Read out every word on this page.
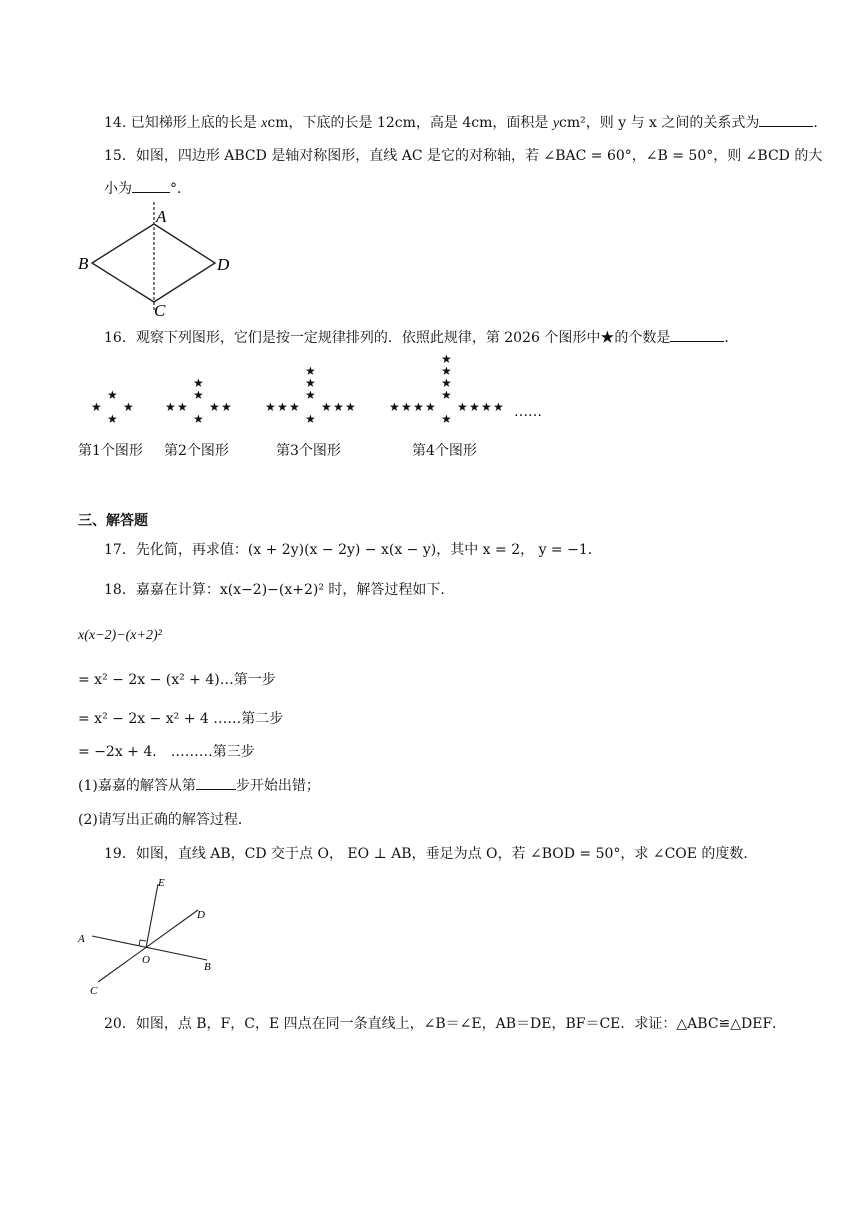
14. 已知梯形上底的长是 xcm，下底的长是 12cm，高是 4cm，面积是 ycm²，则 y 与 x 之间的关系式为	.
15．如图，四边形 ABCD 是轴对称图形，直线 AC 是它的对称轴，若 ∠BAC = 60°，∠B = 50°，则 ∠BCD 的大
小为	°．
A
B
C
D
16．观察下列图形，它们是按一定规律排列的．依照此规律，第 2026 个图形中★的个数是	．
★
★ ★
★
★
★ ★
★
★	★
★
★
★ ★
★
★	★
★
★	★
★
★
★ ★
★
★	★
★
★	★
★
★	★
★
……
第1个图形 第2个图形	第3个图形	第4个图形
三、解答题
17．先化简，再求值：(x + 2y)(x − 2y) − x(x − y)，其中 x = 2， y = −1．
18．嘉嘉在计算：x(x−2)−(x+2)² 时，解答过程如下．
x(x−2)−(x+2)²
= x² − 2x − (x² + 4)…第一步
= x² − 2x − x² + 4 ……第二步
= −2x + 4． ………第三步
(1)嘉嘉的解答从第	步开始出错；
(2)请写出正确的解答过程．
19．如图，直线 AB，CD 交于点 O， EO ⊥ AB，垂足为点 O，若 ∠BOD = 50°，求 ∠COE 的度数．
E
D
A
O
B
C
20．如图，点 B，F，C，E 四点在同一条直线上，∠B＝∠E，AB＝DE，BF＝CE．求证：△ABC≌△DEF．
